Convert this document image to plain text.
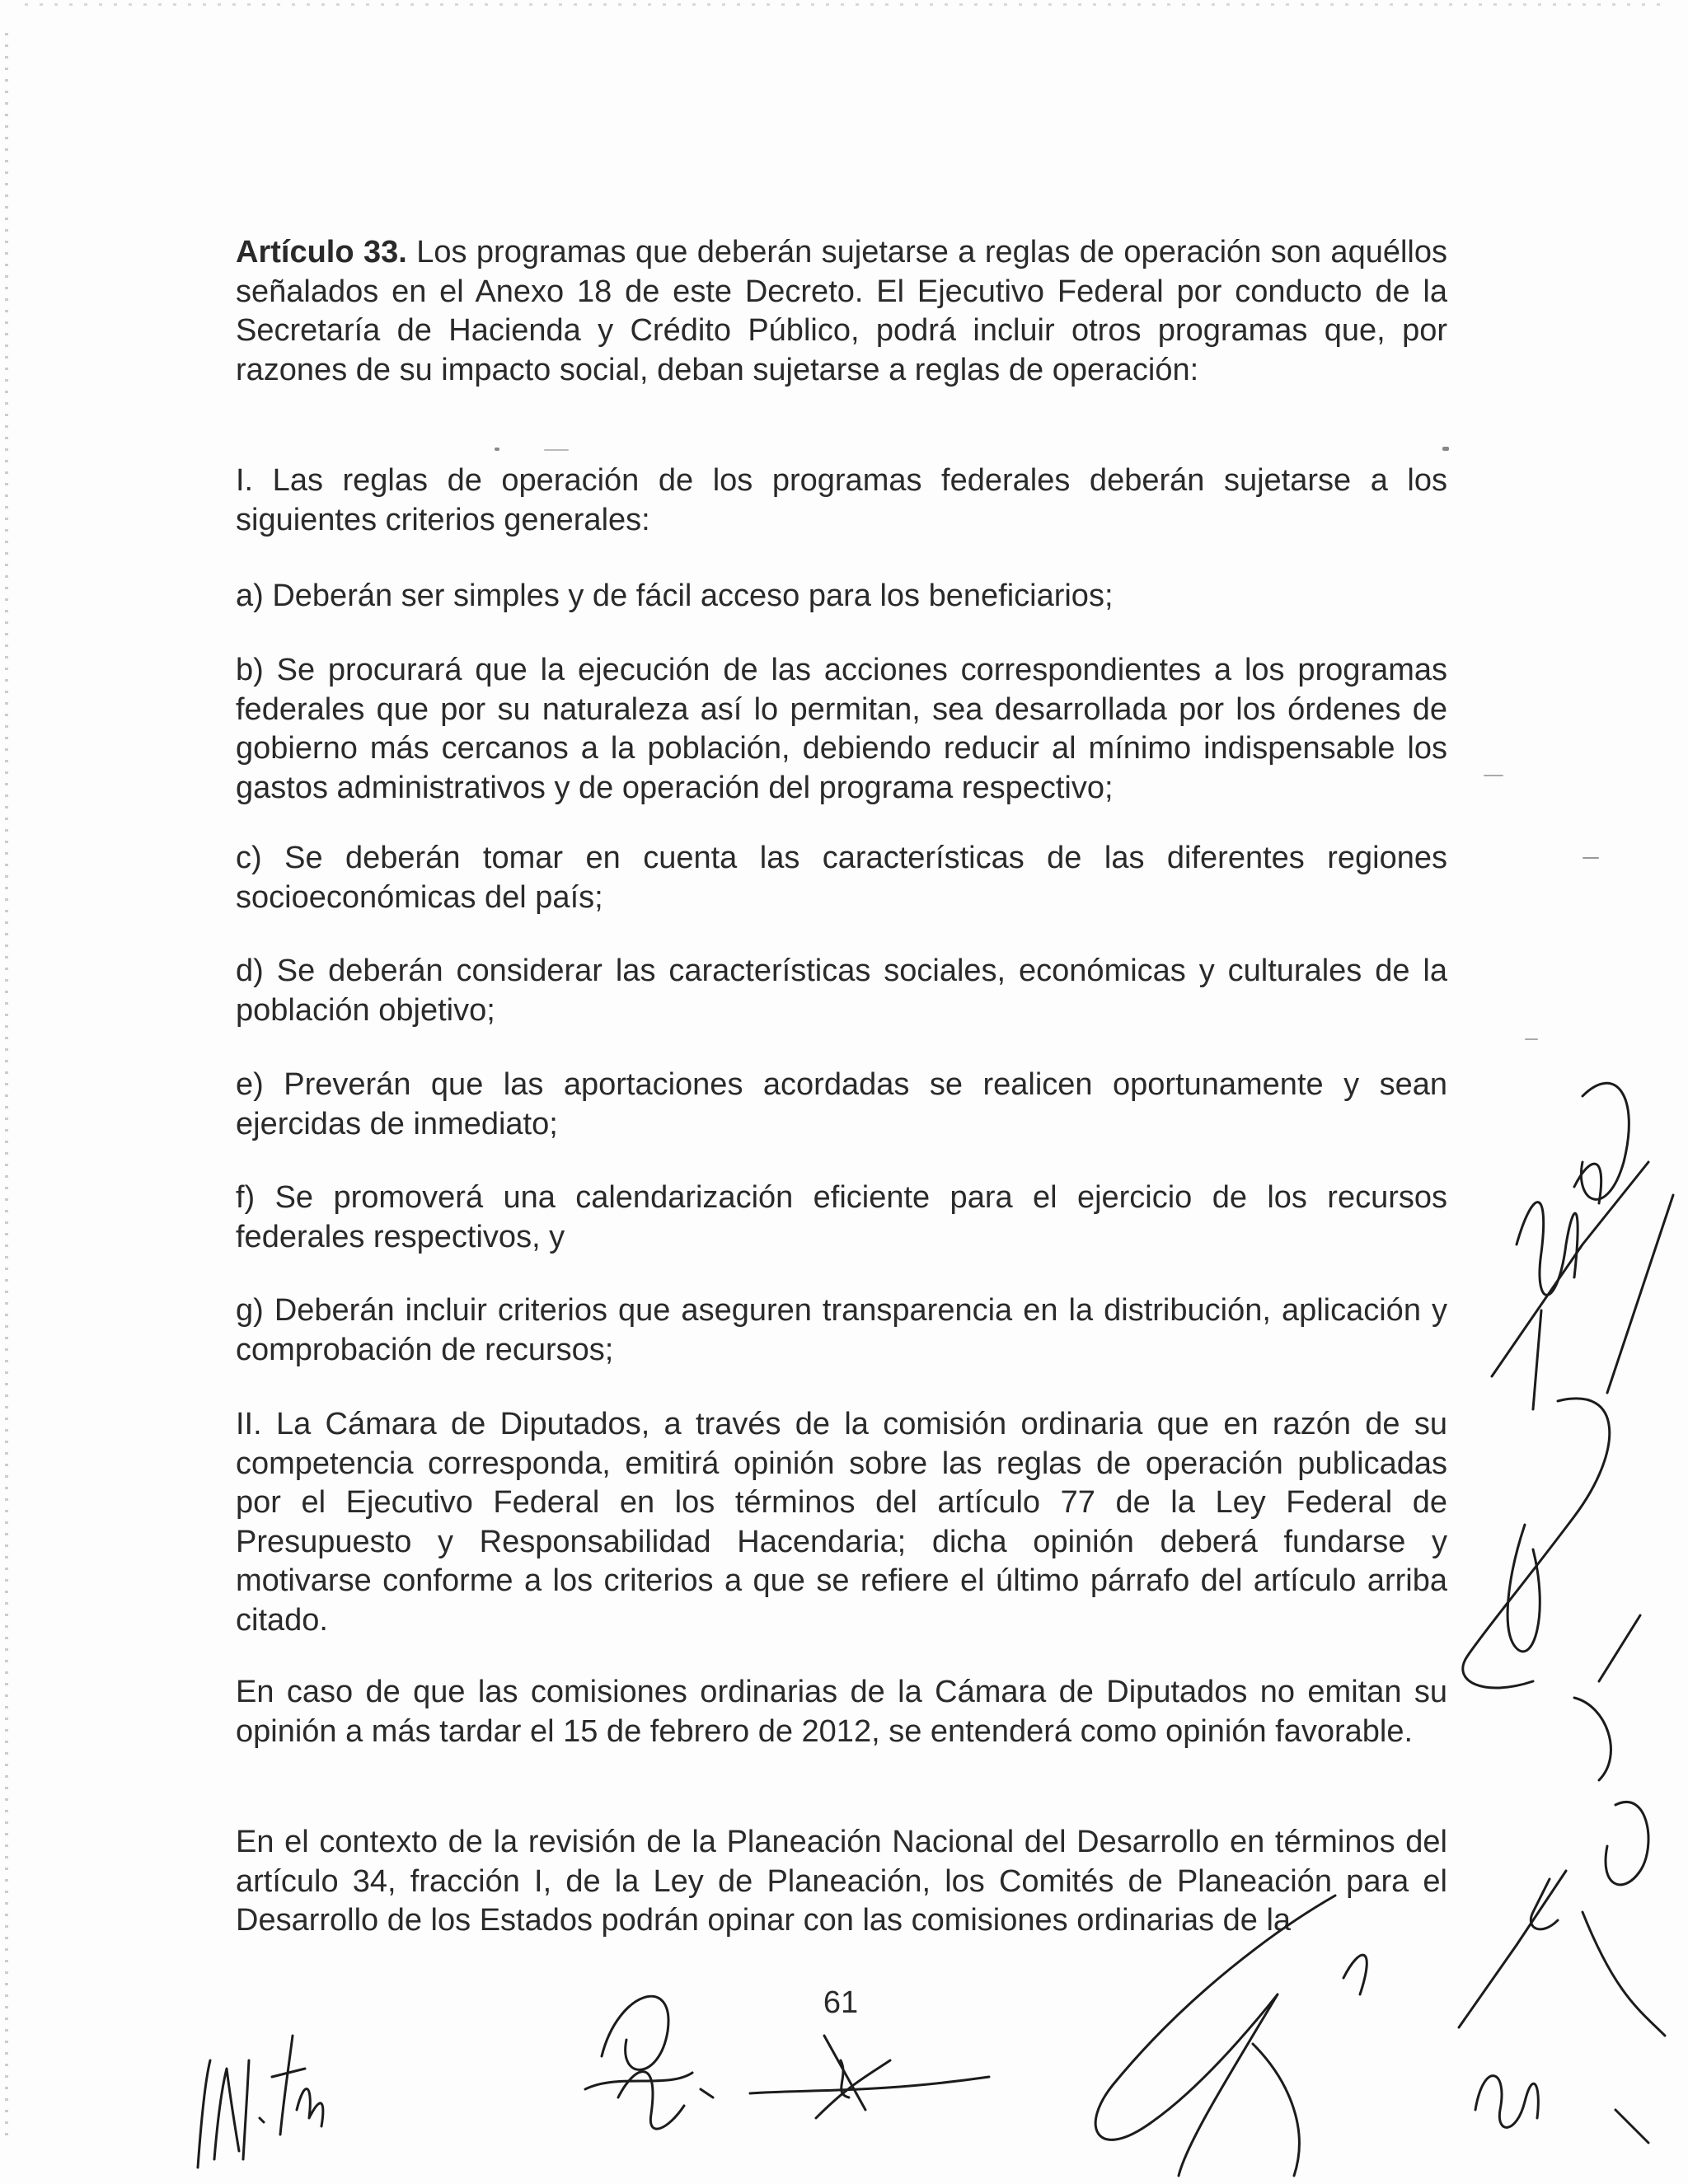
Artículo 33. Los programas que deberán sujetarse a reglas de operación son aquéllos señalados en el Anexo 18 de este Decreto. El Ejecutivo Federal por conducto de la Secretaría de Hacienda y Crédito Público, podrá incluir otros programas que, por razones de su impacto social, deban sujetarse a reglas de operación:
I. Las reglas de operación de los programas federales deberán sujetarse a los siguientes criterios generales:
a) Deberán ser simples y de fácil acceso para los beneficiarios;
b) Se procurará que la ejecución de las acciones correspondientes a los programas federales que por su naturaleza así lo permitan, sea desarrollada por los órdenes de gobierno más cercanos a la población, debiendo reducir al mínimo indispensable los gastos administrativos y de operación del programa respectivo;
c) Se deberán tomar en cuenta las características de las diferentes regiones socioeconómicas del país;
d) Se deberán considerar las características sociales, económicas y culturales de la población objetivo;
e) Preverán que las aportaciones acordadas se realicen oportunamente y sean ejercidas de inmediato;
f) Se promoverá una calendarización eficiente para el ejercicio de los recursos federales respectivos, y
g) Deberán incluir criterios que aseguren transparencia en la distribución, aplicación y comprobación de recursos;
II. La Cámara de Diputados, a través de la comisión ordinaria que en razón de su competencia corresponda, emitirá opinión sobre las reglas de operación publicadas por el Ejecutivo Federal en los términos del artículo 77 de la Ley Federal de Presupuesto y Responsabilidad Hacendaria; dicha opinión deberá fundarse y motivarse conforme a los criterios a que se refiere el último párrafo del artículo arriba citado.
En caso de que las comisiones ordinarias de la Cámara de Diputados no emitan su opinión a más tardar el 15 de febrero de 2012, se entenderá como opinión favorable.
En el contexto de la revisión de la Planeación Nacional del Desarrollo en términos del artículo 34, fracción I, de la Ley de Planeación, los Comités de Planeación para el Desarrollo de los Estados podrán opinar con las comisiones ordinarias de la
61
